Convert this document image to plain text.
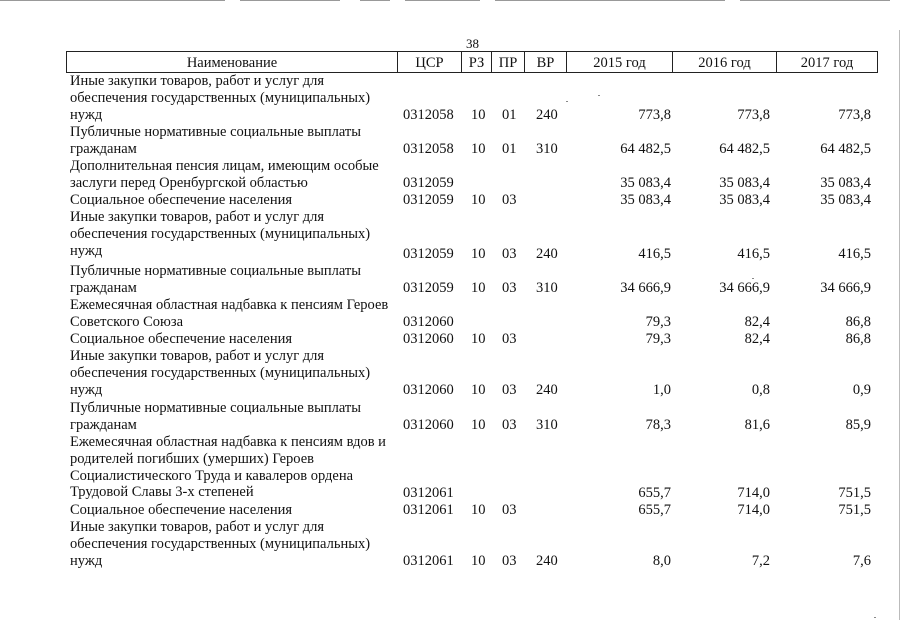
38
Наименование	ЦСР	РЗ ПР	ВР	2015 год	2016 год	2017 год
Иные закупки товаров, работ и услуг для обеспечения государственных (муниципальных) нужд	0312058 10 01 240	773,8	773,8	773,8
Публичные нормативные социальные выплаты гражданам	0312058 10 01 310	64 482,5	64 482,5	64 482,5
Дополнительная пенсия лицам, имеющим особые заслуги перед Оренбургской областью	0312059	35 083,4	35 083,4	35 083,4
Социальное обеспечение населения	0312059 10 03	35 083,4	35 083,4	35 083,4
Иные закупки товаров, работ и услуг для обеспечения государственных (муниципальных) нужд	0312059 10 03 240	416,5	416,5	416,5
Публичные нормативные социальные выплаты гражданам	0312059 10 03 310	34 666,9	34 666,9	34 666,9
Ежемесячная областная надбавка к пенсиям Героев Советского Союза	0312060	79,3	82,4	86,8
Социальное обеспечение населения	0312060 10 03	79,3	82,4	86,8
Иные закупки товаров, работ и услуг для обеспечения государственных (муниципальных) нужд	0312060 10 03 240	1,0	0,8	0,9
Публичные нормативные социальные выплаты гражданам	0312060 10 03 310	78,3	81,6	85,9
Ежемесячная областная надбавка к пенсиям вдов и родителей погибших (умерших) Героев Социалистического Труда и кавалеров ордена Трудовой Славы 3-х степеней	0312061	655,7	714,0	751,5
Социальное обеспечение населения	0312061 10 03	655,7	714,0	751,5
Иные закупки товаров, работ и услуг для обеспечения государственных (муниципальных) нужд	0312061 10 03 240	8,0	7,2	7,6
